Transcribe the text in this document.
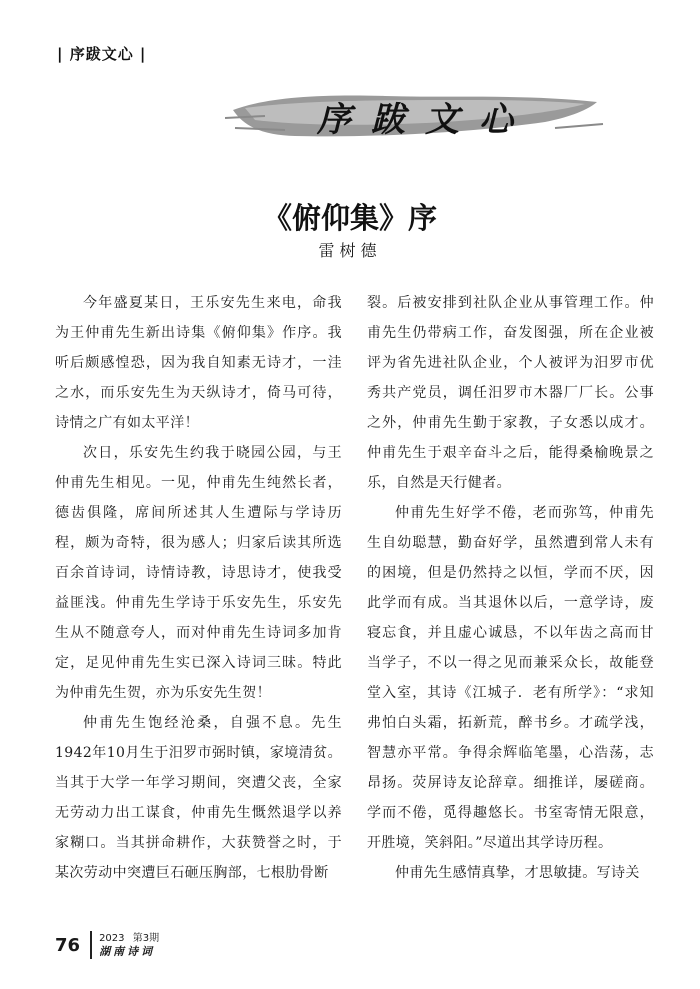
| 序跋文心 |
序跋文心
《俯仰集》序
雷树德

今年盛夏某日，王乐安先生来电，命我为王仲甫先生新出诗集《俯仰集》作序。我听后颇感惶恐，因为我自知素无诗才，一洼之水，而乐安先生为天纵诗才，倚马可待，诗情之广有如太平洋！

次日，乐安先生约我于晓园公园，与王仲甫先生相见。一见，仲甫先生纯然长者，德齿俱隆，席间所述其人生遭际与学诗历程，颇为奇特，很为感人；归家后读其所选百余首诗词，诗情诗教，诗思诗才，使我受益匪浅。仲甫先生学诗于乐安先生，乐安先生从不随意夸人，而对仲甫先生诗词多加肯定，足见仲甫先生实已深入诗词三昧。特此为仲甫先生贺，亦为乐安先生贺！

仲甫先生饱经沧桑，自强不息。先生1942年10月生于汨罗市弼时镇，家境清贫。当其于大学一年学习期间，突遭父丧，全家无劳动力出工谋食，仲甫先生慨然退学以养家糊口。当其拼命耕作，大获赞誉之时，于某次劳动中突遭巨石砸压胸部，七根肋骨断

裂。后被安排到社队企业从事管理工作。仲甫先生仍带病工作，奋发图强，所在企业被评为省先进社队企业，个人被评为汨罗市优秀共产党员，调任汨罗市木器厂厂长。公事之外，仲甫先生勤于家教，子女悉以成才。仲甫先生于艰辛奋斗之后，能得桑榆晚景之乐，自然是天行健者。

仲甫先生好学不倦，老而弥笃，仲甫先生自幼聪慧，勤奋好学，虽然遭到常人未有的困境，但是仍然持之以恒，学而不厌，因此学而有成。当其退休以后，一意学诗，废寝忘食，并且虚心诚恳，不以年齿之高而甘当学子，不以一得之见而兼采众长，故能登堂入室，其诗《江城子．老有所学》：“求知弗怕白头霜，拓新荒，醉书乡。才疏学浅，智慧亦平常。争得余辉临笔墨，心浩荡，志昂扬。荧屏诗友论辞章。细推详，屡磋商。学而不倦，觅得趣悠长。书室寄情无限意，开胜境，笑斜阳。”尽道出其学诗历程。

仲甫先生感情真挚，才思敏捷。写诗关

76 2023 第3期
湖南诗词
